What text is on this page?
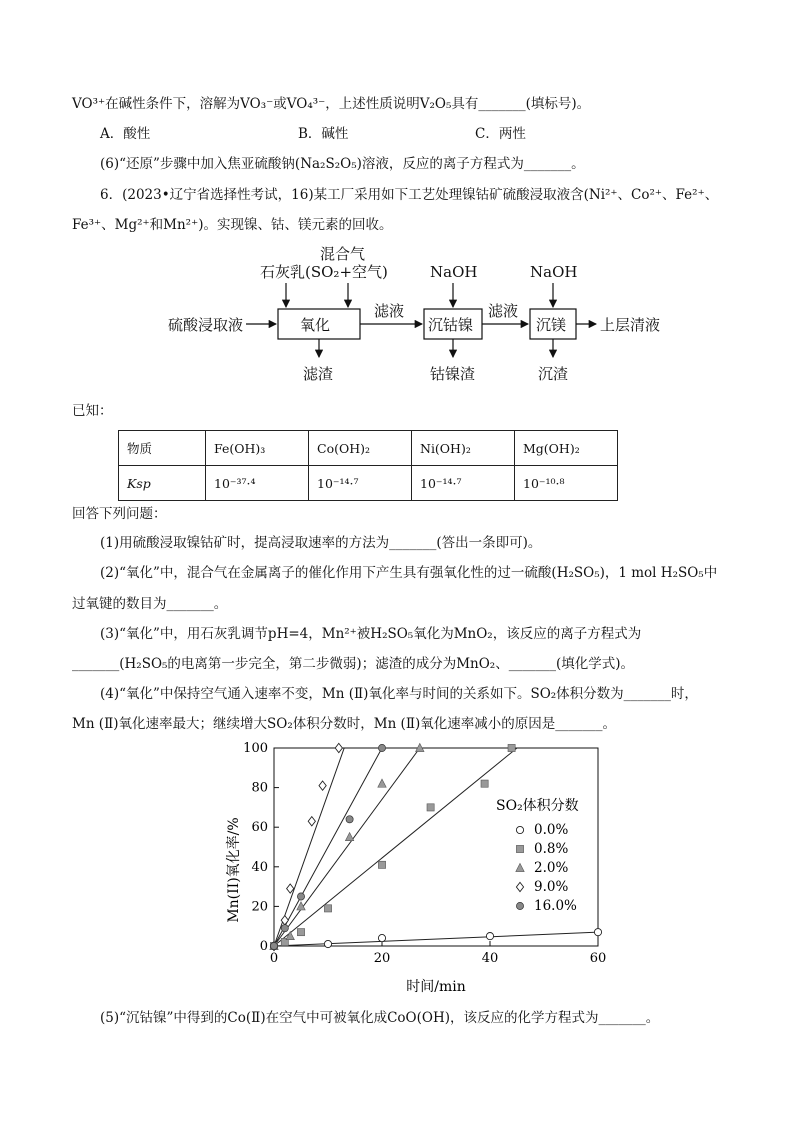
VO³⁺在碱性条件下，溶解为VO₃⁻或VO₄³⁻，上述性质说明V₂O₅具有_______(填标号)。
A．酸性	B．碱性	C．两性
(6)“还原”步骤中加入焦亚硫酸钠(Na₂S₂O₅)溶液，反应的离子方程式为_______。
6．(2023•辽宁省选择性考试，16)某工厂采用如下工艺处理镍钴矿硫酸浸取液含(Ni²⁺、Co²⁺、Fe²⁺、
Fe³⁺、Mg²⁺和Mn²⁺)。实现镍、钴、镁元素的回收。
混合气
(SO₂+空气)
石灰乳	NaOH	NaOH
硫酸浸取液	氧化
滤液
沉钴镍
滤液
沉镁 上层清液
滤渣	钴镍渣	沉渣
已知：
物质	Fe(OH)₃	Co(OH)₂	Ni(OH)₂	Mg(OH)₂
Ksp	10⁻³⁷·⁴	10⁻¹⁴·⁷	10⁻¹⁴·⁷	10⁻¹⁰·⁸
回答下列问题：
(1)用硫酸浸取镍钴矿时，提高浸取速率的方法为_______(答出一条即可)。
(2)“氧化”中，混合气在金属离子的催化作用下产生具有强氧化性的过一硫酸(H₂SO₅)，1 mol H₂SO₅中
过氧键的数目为_______。
(3)“氧化”中，用石灰乳调节pH=4，Mn²⁺被H₂SO₅氧化为MnO₂，该反应的离子方程式为
_______(H₂SO₅的电离第一步完全，第二步微弱)；滤渣的成分为MnO₂、_______(填化学式)。
(4)“氧化”中保持空气通入速率不变，Mn (Ⅱ)氧化率与时间的关系如下。SO₂体积分数为_______时，
Mn (Ⅱ)氧化速率最大；继续增大SO₂体积分数时，Mn (Ⅱ)氧化速率减小的原因是_______。
Mn(II)氧化率/%
时间/min
SO₂体积分数
0	20	40	60
0
20
40
60
80
100
0.0%
0.8%
2.0%
9.0%
16.0%
(5)“沉钴镍”中得到的Co(Ⅱ)在空气中可被氧化成CoO(OH)，该反应的化学方程式为_______。
